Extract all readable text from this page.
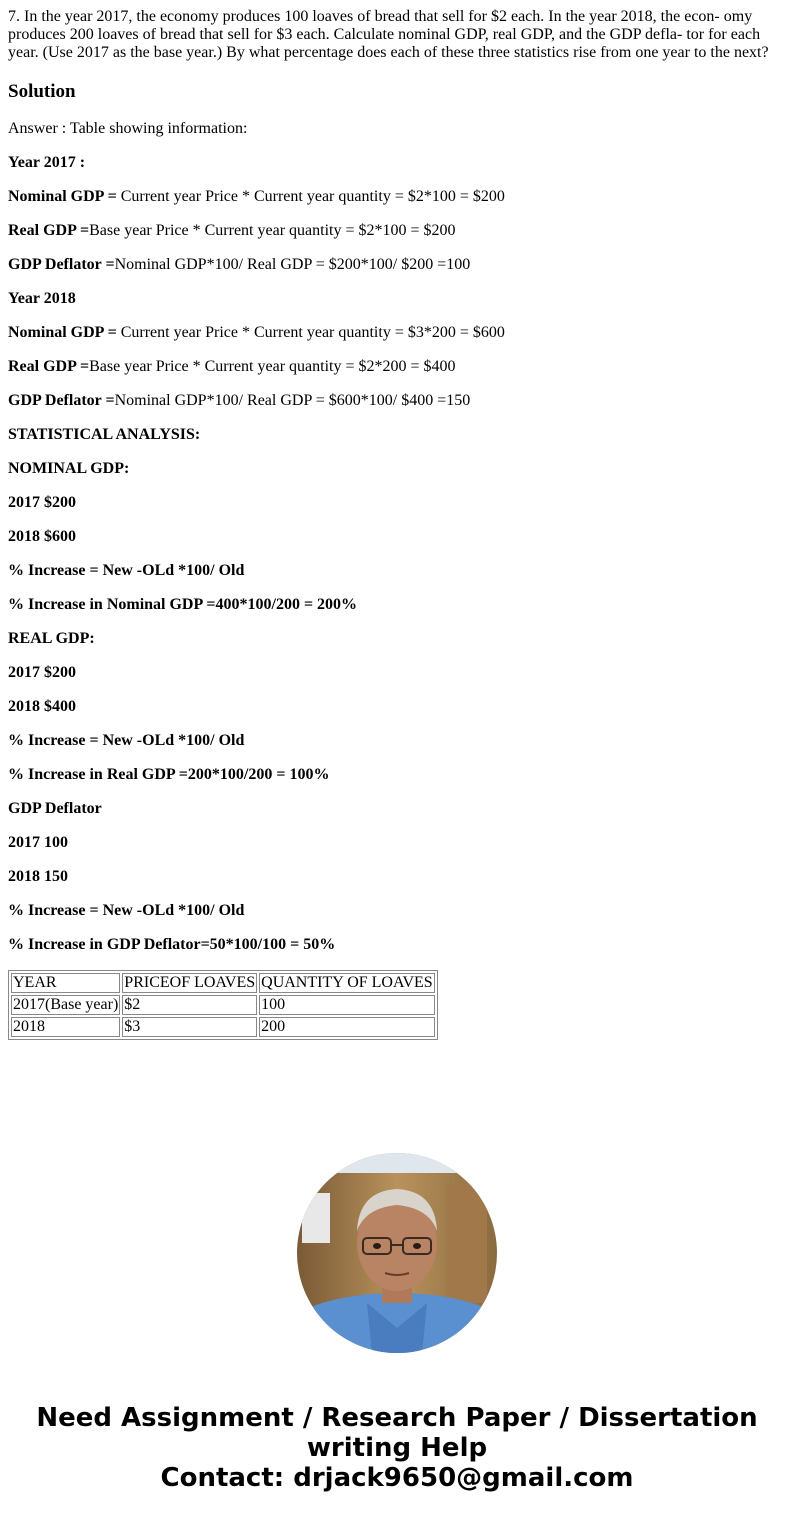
7. In the year 2017, the economy produces 100 loaves of bread that sell for $2 each. In the year 2018, the econ- omy produces 200 loaves of bread that sell for $3 each. Calculate nominal GDP, real GDP, and the GDP defla- tor for each year. (Use 2017 as the base year.) By what percentage does each of these three statistics rise from one year to the next?

Solution

Answer : Table showing information:

Year 2017 :

Nominal GDP = Current year Price * Current year quantity = $2*100 = $200

Real GDP =Base year Price * Current year quantity = $2*100 = $200

GDP Deflator =Nominal GDP*100/ Real GDP = $200*100/ $200 =100

Year 2018

Nominal GDP = Current year Price * Current year quantity = $3*200 = $600

Real GDP =Base year Price * Current year quantity = $2*200 = $400

GDP Deflator =Nominal GDP*100/ Real GDP = $600*100/ $400 =150

STATISTICAL ANALYSIS:

NOMINAL GDP:

2017 $200

2018 $600

% Increase = New -OLd *100/ Old

% Increase in Nominal GDP =400*100/200 = 200%

REAL GDP:

2017 $200

2018 $400

% Increase = New -OLd *100/ Old

% Increase in Real GDP =200*100/200 = 100%

GDP Deflator

2017 100

2018 150

% Increase = New -OLd *100/ Old

% Increase in GDP Deflator=50*100/100 = 50%

YEAR	PRICEOF LOAVES	QUANTITY OF LOAVES
2017(Base year)	$2	100
2018	$3	200
Need Assignment / Research Paper / Dissertation
writing Help
Contact: drjack9650@gmail.com
